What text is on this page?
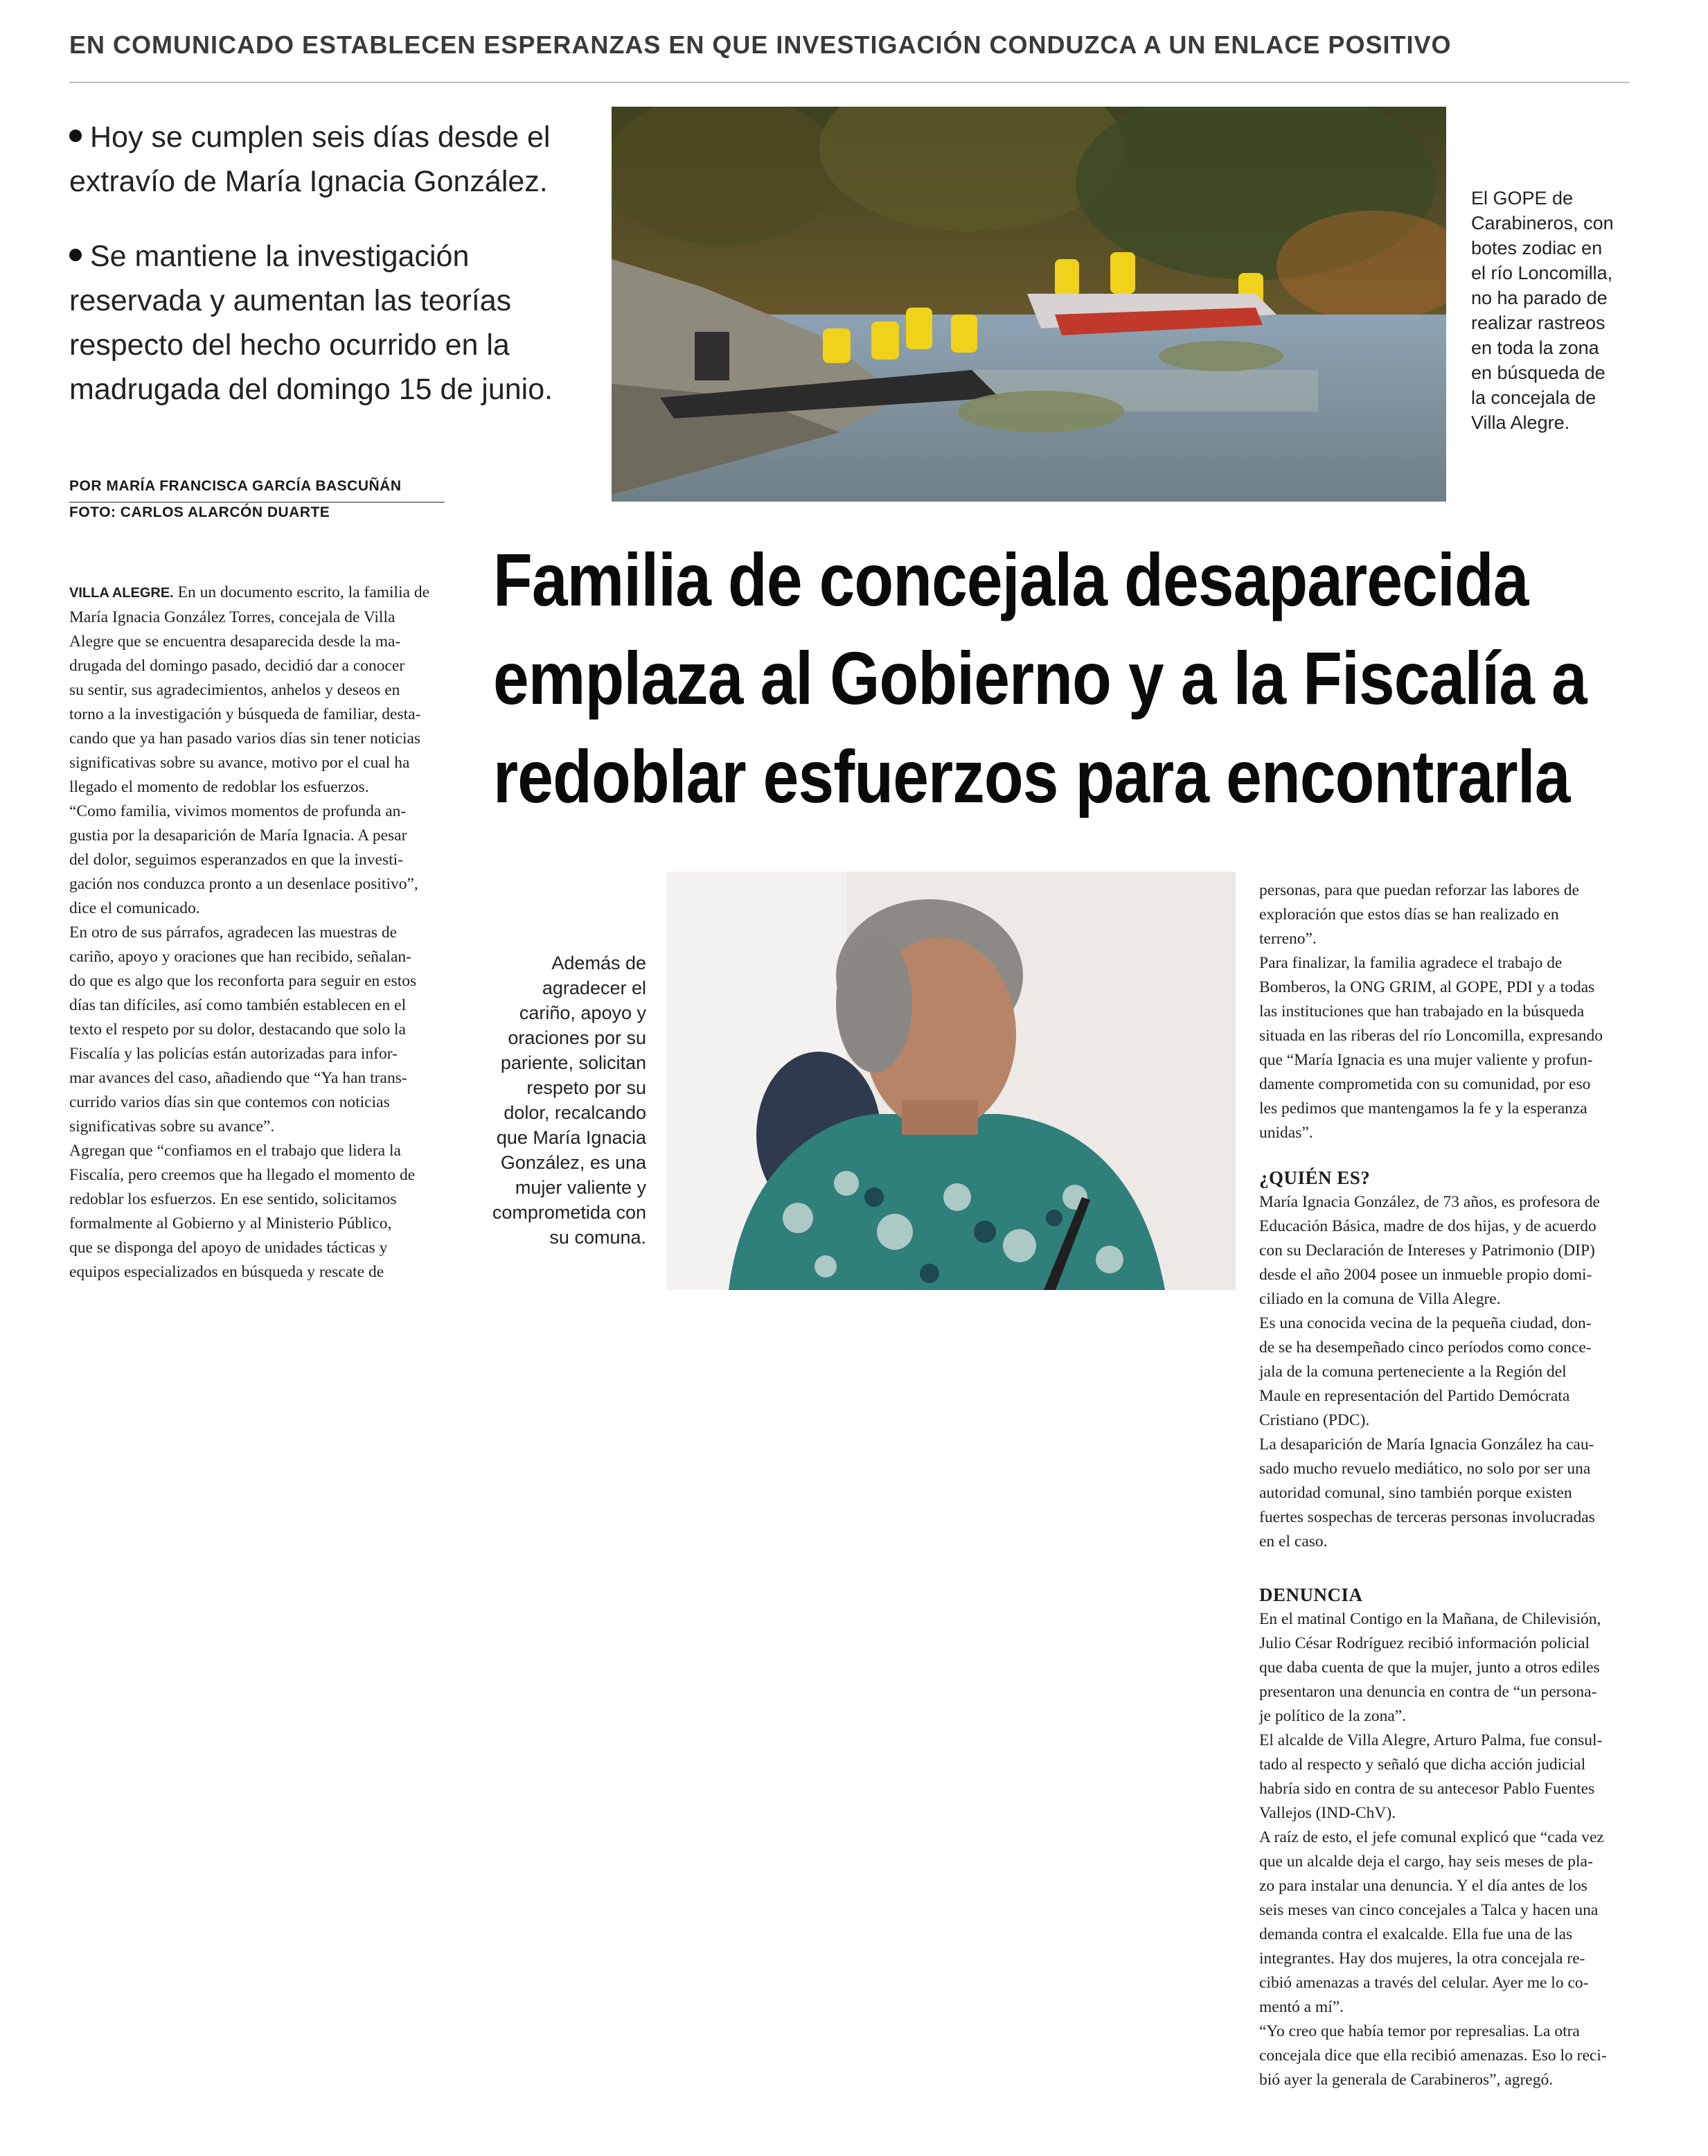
EN COMUNICADO ESTABLECEN ESPERANZAS EN QUE INVESTIGACIÓN CONDUZCA A UN ENLACE POSITIVO
Hoy se cumplen seis días desde el
extravío de María Ignacia González.
Se mantiene la investigación
reservada y aumentan las teorías
respecto del hecho ocurrido en la
madrugada del domingo 15 de junio.
POR MARÍA FRANCISCA GARCÍA BASCUÑÁN
FOTO: CARLOS ALARCÓN DUARTE
El GOPE de
Carabineros, con
botes zodiac en
el río Loncomilla,
no ha parado de
realizar rastreos
en toda la zona
en búsqueda de
la concejala de
Villa Alegre.
Familia de concejala desaparecida
emplaza al Gobierno y a la Fiscalía a
redoblar esfuerzos para encontrarla
VILLA ALEGRE. En un documento escrito, la familia de
María Ignacia González Torres, concejala de Villa
Alegre que se encuentra desaparecida desde la ma-
drugada del domingo pasado, decidió dar a conocer
su sentir, sus agradecimientos, anhelos y deseos en
torno a la investigación y búsqueda de familiar, desta-
cando que ya han pasado varios días sin tener noticias
significativas sobre su avance, motivo por el cual ha
llegado el momento de redoblar los esfuerzos.
“Como familia, vivimos momentos de profunda an-
gustia por la desaparición de María Ignacia. A pesar
del dolor, seguimos esperanzados en que la investi-
gación nos conduzca pronto a un desenlace positivo”,
dice el comunicado.
En otro de sus párrafos, agradecen las muestras de
cariño, apoyo y oraciones que han recibido, señalan-
do que es algo que los reconforta para seguir en estos
días tan difíciles, así como también establecen en el
texto el respeto por su dolor, destacando que solo la
Fiscalía y las policías están autorizadas para infor-
mar avances del caso, añadiendo que “Ya han trans-
currido varios días sin que contemos con noticias
significativas sobre su avance”.
Agregan que “confiamos en el trabajo que lidera la
Fiscalía, pero creemos que ha llegado el momento de
redoblar los esfuerzos. En ese sentido, solicitamos
formalmente al Gobierno y al Ministerio Público,
que se disponga del apoyo de unidades tácticas y
equipos especializados en búsqueda y rescate de
Además de
agradecer el
cariño, apoyo y
oraciones por su
pariente, solicitan
respeto por su
dolor, recalcando
que María Ignacia
González, es una
mujer valiente y
comprometida con
su comuna.
personas, para que puedan reforzar las labores de
exploración que estos días se han realizado en
terreno”.
Para finalizar, la familia agradece el trabajo de
Bomberos, la ONG GRIM, al GOPE, PDI y a todas
las instituciones que han trabajado en la búsqueda
situada en las riberas del río Loncomilla, expresando
que “María Ignacia es una mujer valiente y profun-
damente comprometida con su comunidad, por eso
les pedimos que mantengamos la fe y la esperanza
unidas”.
¿QUIÉN ES?
María Ignacia González, de 73 años, es profesora de
Educación Básica, madre de dos hijas, y de acuerdo
con su Declaración de Intereses y Patrimonio (DIP)
desde el año 2004 posee un inmueble propio domi-
ciliado en la comuna de Villa Alegre.
Es una conocida vecina de la pequeña ciudad, don-
de se ha desempeñado cinco períodos como conce-
jala de la comuna perteneciente a la Región del
Maule en representación del Partido Demócrata
Cristiano (PDC).
La desaparición de María Ignacia González ha cau-
sado mucho revuelo mediático, no solo por ser una
autoridad comunal, sino también porque existen
fuertes sospechas de terceras personas involucradas
en el caso.
DENUNCIA
En el matinal Contigo en la Mañana, de Chilevisión,
Julio César Rodríguez recibió información policial
que daba cuenta de que la mujer, junto a otros ediles
presentaron una denuncia en contra de “un persona-
je político de la zona”.
El alcalde de Villa Alegre, Arturo Palma, fue consul-
tado al respecto y señaló que dicha acción judicial
habría sido en contra de su antecesor Pablo Fuentes
Vallejos (IND-ChV).
A raíz de esto, el jefe comunal explicó que “cada vez
que un alcalde deja el cargo, hay seis meses de pla-
zo para instalar una denuncia. Y el día antes de los
seis meses van cinco concejales a Talca y hacen una
demanda contra el exalcalde. Ella fue una de las
integrantes. Hay dos mujeres, la otra concejala re-
cibió amenazas a través del celular. Ayer me lo co-
mentó a mí”.
“Yo creo que había temor por represalias. La otra
concejala dice que ella recibió amenazas. Eso lo reci-
bió ayer la generala de Carabineros”, agregó.
